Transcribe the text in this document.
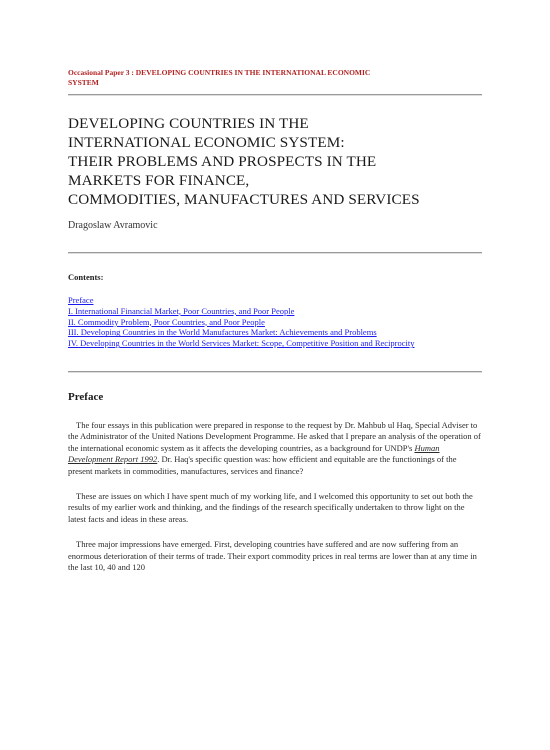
Occasional Paper 3 : DEVELOPING COUNTRIES IN THE INTERNATIONAL ECONOMIC
SYSTEM
DEVELOPING COUNTRIES IN THE
INTERNATIONAL ECONOMIC SYSTEM:
THEIR PROBLEMS AND PROSPECTS IN THE
MARKETS FOR FINANCE,
COMMODITIES, MANUFACTURES AND SERVICES
Dragoslaw Avramovic
Contents:
Preface
I. International Financial Market, Poor Countries, and Poor People
II. Commodity Problem, Poor Countries, and Poor People
III. Developing Countries in the World Manufactures Market: Achievements and Problems
IV. Developing Countries in the World Services Market: Scope, Competitive Position and Reciprocity
Preface

The four essays in this publication were prepared in response to the request by Dr. Mahbub ul Haq, Special Adviser to the Administrator of the United Nations Development Programme. He asked that I prepare an analysis of the operation of the international economic system as it affects the developing countries, as a background for UNDP's Human Development Report 1992. Dr. Haq's specific question was: how efficient and equitable are the functionings of the present markets in commodities, manufactures, services and finance?

These are issues on which I have spent much of my working life, and I welcomed this opportunity to set out both the results of my earlier work and thinking, and the findings of the research specifically undertaken to throw light on the latest facts and ideas in these areas.

Three major impressions have emerged. First, developing countries have suffered and are now suffering from an enormous deterioration of their terms of trade. Their export commodity prices in real terms are lower than at any time in the last 10, 40 and 120
